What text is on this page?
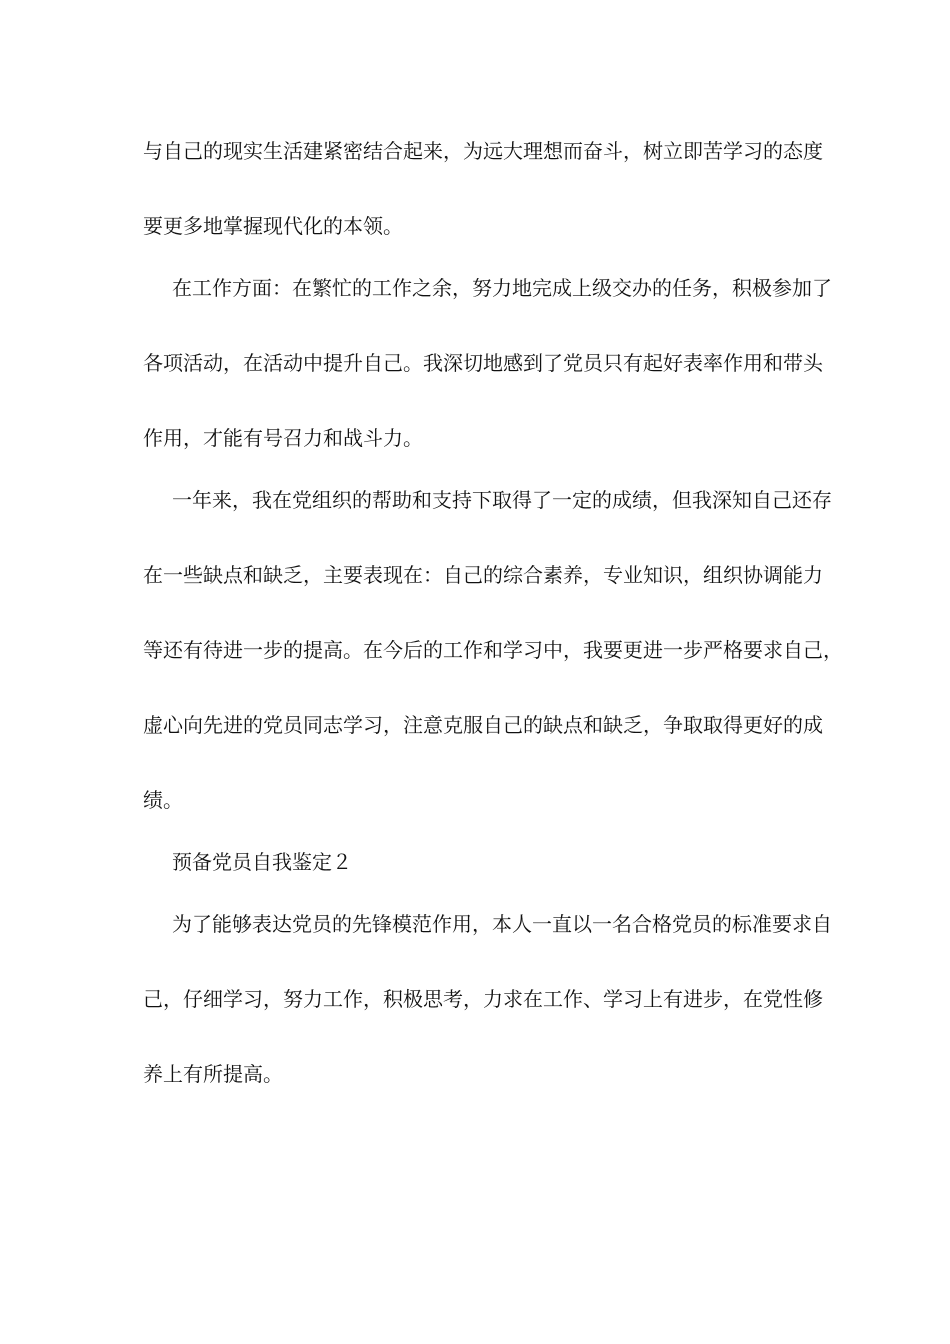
与自己的现实生活建紧密结合起来，为远大理想而奋斗，树立即苦学习的态度
要更多地掌握现代化的本领。
在工作方面：在繁忙的工作之余，努力地完成上级交办的任务，积极参加了
各项活动，在活动中提升自己。我深切地感到了党员只有起好表率作用和带头
作用，才能有号召力和战斗力。
一年来，我在党组织的帮助和支持下取得了一定的成绩，但我深知自己还存
在一些缺点和缺乏，主要表现在：自己的综合素养，专业知识，组织协调能力
等还有待进一步的提高。在今后的工作和学习中，我要更进一步严格要求自己，
虚心向先进的党员同志学习，注意克服自己的缺点和缺乏，争取取得更好的成
绩。
预备党员自我鉴定２
为了能够表达党员的先锋模范作用，本人一直以一名合格党员的标准要求自
己，仔细学习，努力工作，积极思考，力求在工作、学习上有进步，在党性修
养上有所提高。
